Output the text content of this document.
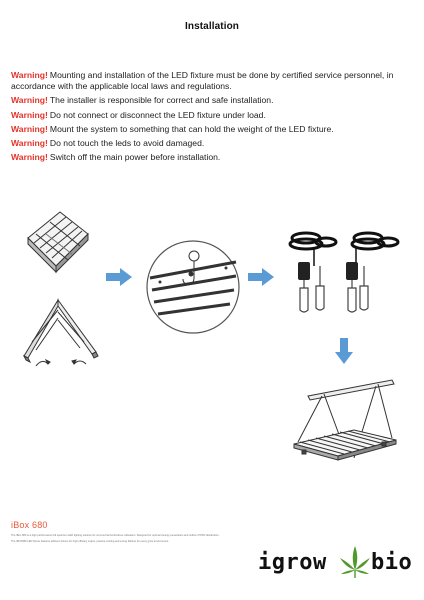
Installation

Warning! Mounting and installation of the LED fixture must be done by certified service personnel, in accordance with the applicable local laws and regulations.

Warning! The installer is responsible for correct and safe installation.

Warning! Do not connect or disconnect the LED fixture under load.

Warning! Mount the system to something that can hold the weight of the LED fixture.

Warning! Do not touch the leds to avoid damaged.

Warning! Switch off the main power before installation.

iBox 680
The iBox 680 is a high performance full spectrum LED lighting solution for commercial horticulture cultivation. Designed for optimal canopy penetration and uniform PPFD distribution.
The iBOX680 LED fixture features efficient drivers for high efficacy output, passive cooling and a long lifetime for every grow environment.
igrow bio
